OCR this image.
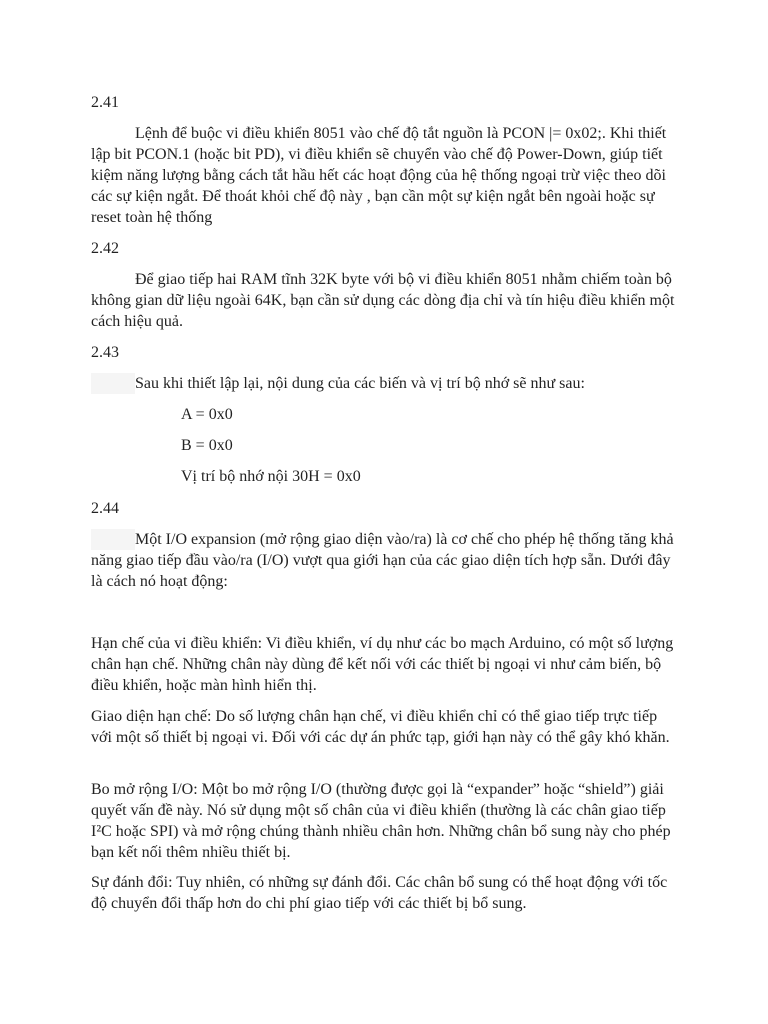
2.41

Lệnh để buộc vi điều khiển 8051 vào chế độ tắt nguồn là PCON |= 0x02;. Khi thiết lập bit PCON.1 (hoặc bit PD), vi điều khiển sẽ chuyển vào chế độ Power-Down, giúp tiết kiệm năng lượng bằng cách tắt hầu hết các hoạt động của hệ thống ngoại trừ việc theo dõi các sự kiện ngắt. Để thoát khỏi chế độ này , bạn cần một sự kiện ngắt bên ngoài hoặc sự reset toàn hệ thống

2.42

Để giao tiếp hai RAM tĩnh 32K byte với bộ vi điều khiển 8051 nhằm chiếm toàn bộ không gian dữ liệu ngoài 64K, bạn cần sử dụng các dòng địa chỉ và tín hiệu điều khiển một cách hiệu quả.

2.43

Sau khi thiết lập lại, nội dung của các biến và vị trí bộ nhớ sẽ như sau:

A = 0x0

B = 0x0

Vị trí bộ nhớ nội 30H = 0x0

2.44

Một I/O expansion (mở rộng giao diện vào/ra) là cơ chế cho phép hệ thống tăng khả năng giao tiếp đầu vào/ra (I/O) vượt qua giới hạn của các giao diện tích hợp sẵn. Dưới đây là cách nó hoạt động:

Hạn chế của vi điều khiển: Vi điều khiển, ví dụ như các bo mạch Arduino, có một số lượng chân hạn chế. Những chân này dùng để kết nối với các thiết bị ngoại vi như cảm biến, bộ điều khiển, hoặc màn hình hiển thị.

Giao diện hạn chế: Do số lượng chân hạn chế, vi điều khiển chỉ có thể giao tiếp trực tiếp với một số thiết bị ngoại vi. Đối với các dự án phức tạp, giới hạn này có thể gây khó khăn.

Bo mở rộng I/O: Một bo mở rộng I/O (thường được gọi là “expander” hoặc “shield”) giải quyết vấn đề này. Nó sử dụng một số chân của vi điều khiển (thường là các chân giao tiếp I²C hoặc SPI) và mở rộng chúng thành nhiều chân hơn. Những chân bổ sung này cho phép bạn kết nối thêm nhiều thiết bị.

Sự đánh đổi: Tuy nhiên, có những sự đánh đổi. Các chân bổ sung có thể hoạt động với tốc độ chuyển đổi thấp hơn do chi phí giao tiếp với các thiết bị bổ sung.
